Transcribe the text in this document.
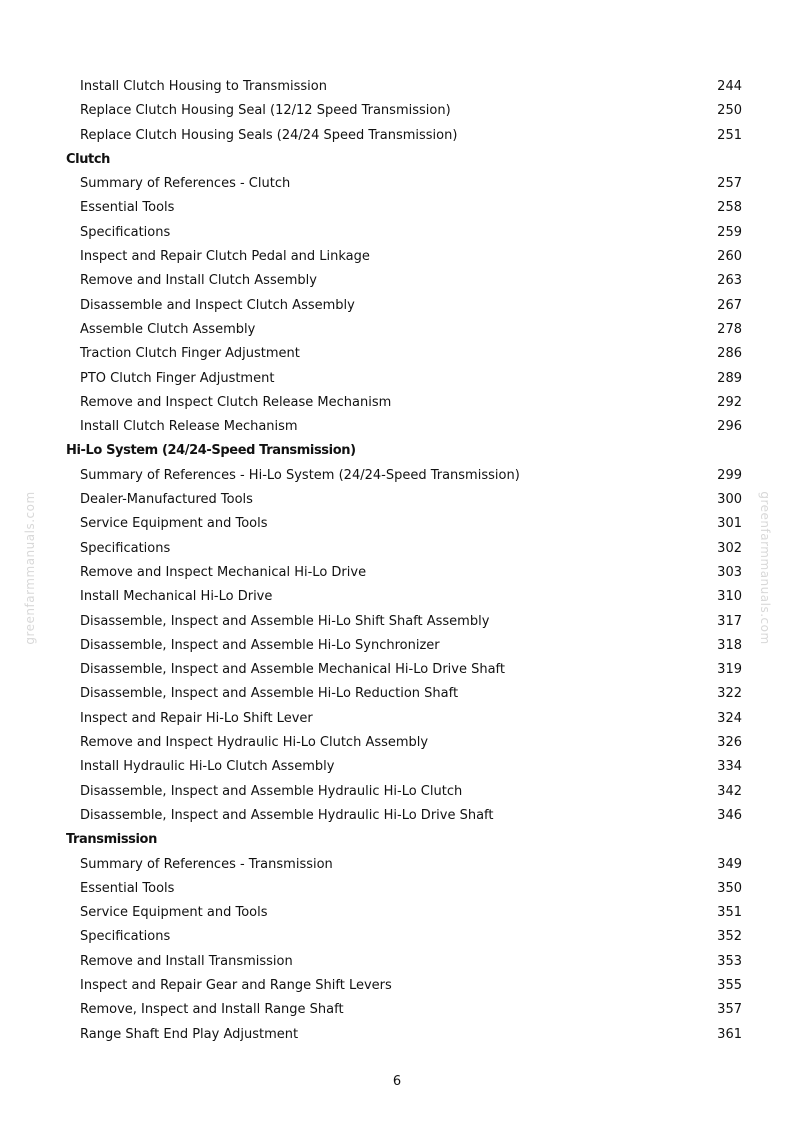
greenfarmmanuals.com	greenfarmmanuals.com
Install Clutch Housing to Transmission	244
Replace Clutch Housing Seal (12/12 Speed Transmission)	250
Replace Clutch Housing Seals (24/24 Speed Transmission)	251
Clutch
Summary of References - Clutch	257
Essential Tools	258
Specifications	259
Inspect and Repair Clutch Pedal and Linkage	260
Remove and Install Clutch Assembly	263
Disassemble and Inspect Clutch Assembly	267
Assemble Clutch Assembly	278
Traction Clutch Finger Adjustment	286
PTO Clutch Finger Adjustment	289
Remove and Inspect Clutch Release Mechanism	292
Install Clutch Release Mechanism	296
Hi-Lo System (24/24-Speed Transmission)
Summary of References - Hi-Lo System (24/24-Speed Transmission)	299
Dealer-Manufactured Tools	300
Service Equipment and Tools	301
Specifications	302
Remove and Inspect Mechanical Hi-Lo Drive	303
Install Mechanical Hi-Lo Drive	310
Disassemble, Inspect and Assemble Hi-Lo Shift Shaft Assembly	317
Disassemble, Inspect and Assemble Hi-Lo Synchronizer	318
Disassemble, Inspect and Assemble Mechanical Hi-Lo Drive Shaft	319
Disassemble, Inspect and Assemble Hi-Lo Reduction Shaft	322
Inspect and Repair Hi-Lo Shift Lever	324
Remove and Inspect Hydraulic Hi-Lo Clutch Assembly	326
Install Hydraulic Hi-Lo Clutch Assembly	334
Disassemble, Inspect and Assemble Hydraulic Hi-Lo Clutch	342
Disassemble, Inspect and Assemble Hydraulic Hi-Lo Drive Shaft	346
Transmission
Summary of References - Transmission	349
Essential Tools	350
Service Equipment and Tools	351
Specifications	352
Remove and Install Transmission	353
Inspect and Repair Gear and Range Shift Levers	355
Remove, Inspect and Install Range Shaft	357
Range Shaft End Play Adjustment	361
6
